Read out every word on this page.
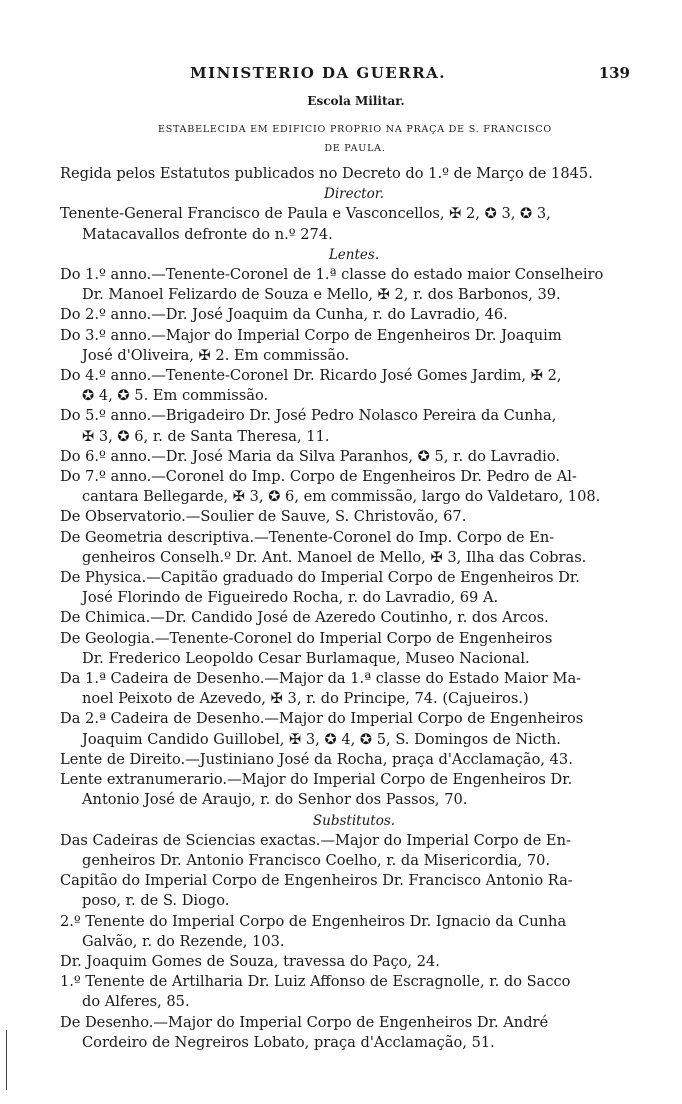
MINISTERIO DA GUERRA.	139
Escola Militar.
ESTABELECIDA EM EDIFICIO PROPRIO NA PRAÇA DE S. FRANCISCO
DE PAULA.
Regida pelos Estatutos publicados no Decreto do 1.º de Março de 1845.
Director.
Tenente-General Francisco de Paula e Vasconcellos, ✠ 2, ✪ 3, ✪ 3,
Matacavallos defronte do n.º 274.
Lentes.
Do 1.º anno.—Tenente-Coronel de 1.ª classe do estado maior Conselheiro
Dr. Manoel Felizardo de Souza e Mello, ✠ 2, r. dos Barbonos, 39.
Do 2.º anno.—Dr. José Joaquim da Cunha, r. do Lavradio, 46.
Do 3.º anno.—Major do Imperial Corpo de Engenheiros Dr. Joaquim
José d'Oliveira, ✠ 2. Em commissão.
Do 4.º anno.—Tenente-Coronel Dr. Ricardo José Gomes Jardim, ✠ 2,
✪ 4, ✪ 5. Em commissão.
Do 5.º anno.—Brigadeiro Dr. José Pedro Nolasco Pereira da Cunha,
✠ 3, ✪ 6, r. de Santa Theresa, 11.
Do 6.º anno.—Dr. José Maria da Silva Paranhos, ✪ 5, r. do Lavradio.
Do 7.º anno.—Coronel do Imp. Corpo de Engenheiros Dr. Pedro de Al-
cantara Bellegarde, ✠ 3, ✪ 6, em commissão, largo do Valdetaro, 108.
De Observatorio.—Soulier de Sauve, S. Christovão, 67.
De Geometria descriptiva.—Tenente-Coronel do Imp. Corpo de En-
genheiros Conselh.º Dr. Ant. Manoel de Mello, ✠ 3, Ilha das Cobras.
De Physica.—Capitão graduado do Imperial Corpo de Engenheiros Dr.
José Florindo de Figueiredo Rocha, r. do Lavradio, 69 A.
De Chimica.—Dr. Candido José de Azeredo Coutinho, r. dos Arcos.
De Geologia.—Tenente-Coronel do Imperial Corpo de Engenheiros
Dr. Frederico Leopoldo Cesar Burlamaque, Museo Nacional.
Da 1.ª Cadeira de Desenho.—Major da 1.ª classe do Estado Maior Ma-
noel Peixoto de Azevedo, ✠ 3, r. do Principe, 74. (Cajueiros.)
Da 2.ª Cadeira de Desenho.—Major do Imperial Corpo de Engenheiros
Joaquim Candido Guillobel, ✠ 3, ✪ 4, ✪ 5, S. Domingos de Nicth.
Lente de Direito.—Justiniano José da Rocha, praça d'Acclamação, 43.
Lente extranumerario.—Major do Imperial Corpo de Engenheiros Dr.
Antonio José de Araujo, r. do Senhor dos Passos, 70.
Substitutos.
Das Cadeiras de Sciencias exactas.—Major do Imperial Corpo de En-
genheiros Dr. Antonio Francisco Coelho, r. da Misericordia, 70.
Capitão do Imperial Corpo de Engenheiros Dr. Francisco Antonio Ra-
poso, r. de S. Diogo.
2.º Tenente do Imperial Corpo de Engenheiros Dr. Ignacio da Cunha
Galvão, r. do Rezende, 103.
Dr. Joaquim Gomes de Souza, travessa do Paço, 24.
1.º Tenente de Artilharia Dr. Luiz Affonso de Escragnolle, r. do Sacco
do Alferes, 85.
De Desenho.—Major do Imperial Corpo de Engenheiros Dr. André
Cordeiro de Negreiros Lobato, praça d'Acclamação, 51.
